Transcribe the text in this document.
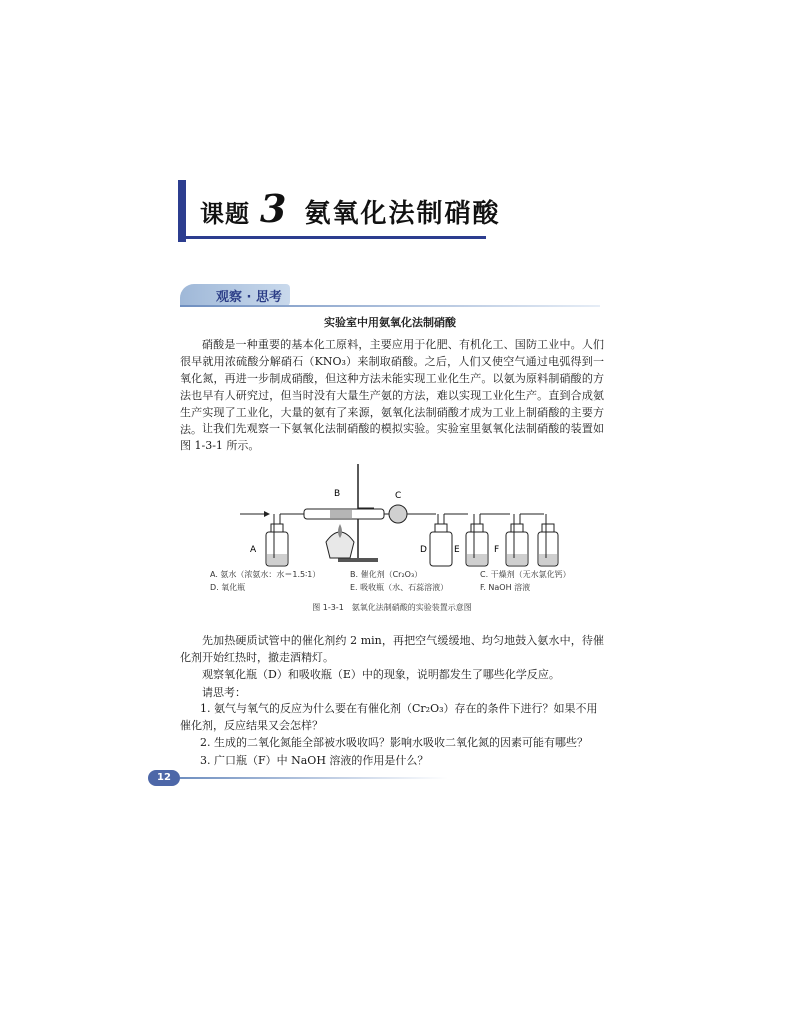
课题 3 氨氧化法制硝酸
观察 · 思考
实验室中用氨氧化法制硝酸
硝酸是一种重要的基本化工原料，主要应用于化肥、有机化工、国防工业中。人们很早就用浓硫酸分解硝石（KNO₃）来制取硝酸。之后，人们又使空气通过电弧得到一氧化氮，再进一步制成硝酸，但这种方法未能实现工业化生产。以氨为原料制硝酸的方法也早有人研究过，但当时没有大量生产氨的方法，难以实现工业化生产。直到合成氨生产实现了工业化，大量的氨有了来源，氨氧化法制硝酸才成为工业上制硝酸的主要方法。 让我们先观察一下氨氧化法制硝酸的模拟实验。实验室里氨氧化法制硝酸的装置如图 1-3-1 所示。
A
B	C
D	E	F
A. 氨水（浓氨水：水＝1.5∶1）	B. 催化剂（Cr₂O₃）	C. 干燥剂（无水氯化钙）
D. 氧化瓶	E. 吸收瓶（水、石蕊溶液）	F. NaOH 溶液
图 1-3-1　氨氧化法制硝酸的实验装置示意图
先加热硬质试管中的催化剂约 2 min，再把空气缓缓地、均匀地鼓入氨水中，待催化剂开始红热时，撤走酒精灯。
观察氧化瓶（D）和吸收瓶（E）中的现象，说明都发生了哪些化学反应。
请思考：
1. 氨气与氧气的反应为什么要在有催化剂（Cr₂O₃）存在的条件下进行？如果不用催化剂，反应结果又会怎样？
2. 生成的二氧化氮能全部被水吸收吗？影响水吸收二氧化氮的因素可能有哪些？
3. 广口瓶（F）中 NaOH 溶液的作用是什么？
12
